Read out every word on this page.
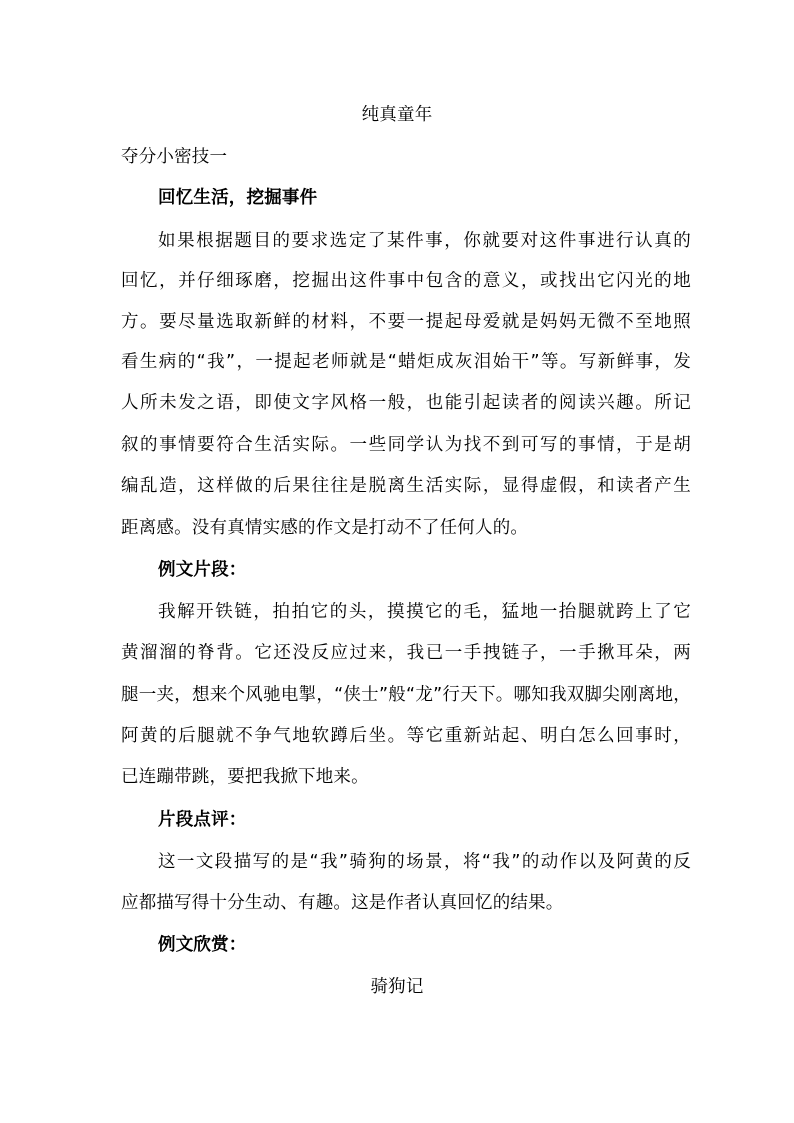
纯真童年
夺分小密技一
回忆生活，挖掘事件
如果根据题目的要求选定了某件事，你就要对这件事进行认真的
回忆，并仔细琢磨，挖掘出这件事中包含的意义，或找出它闪光的地
方。要尽量选取新鲜的材料，不要一提起母爱就是妈妈无微不至地照
看生病的“我”，一提起老师就是“蜡炬成灰泪始干”等。写新鲜事，发
人所未发之语，即使文字风格一般，也能引起读者的阅读兴趣。所记
叙的事情要符合生活实际。一些同学认为找不到可写的事情，于是胡
编乱造，这样做的后果往往是脱离生活实际，显得虚假，和读者产生
距离感。没有真情实感的作文是打动不了任何人的。
例文片段：
我解开铁链，拍拍它的头，摸摸它的毛，猛地一抬腿就跨上了它
黄溜溜的脊背。它还没反应过来，我已一手拽链子，一手揪耳朵，两
腿一夹，想来个风驰电掣，“侠士”般“龙”行天下。哪知我双脚尖刚离地，
阿黄的后腿就不争气地软蹲后坐。等它重新站起、明白怎么回事时，
已连蹦带跳，要把我掀下地来。
片段点评：
这一文段描写的是“我”骑狗的场景，将“我”的动作以及阿黄的反
应都描写得十分生动、有趣。这是作者认真回忆的结果。
例文欣赏：
骑狗记
